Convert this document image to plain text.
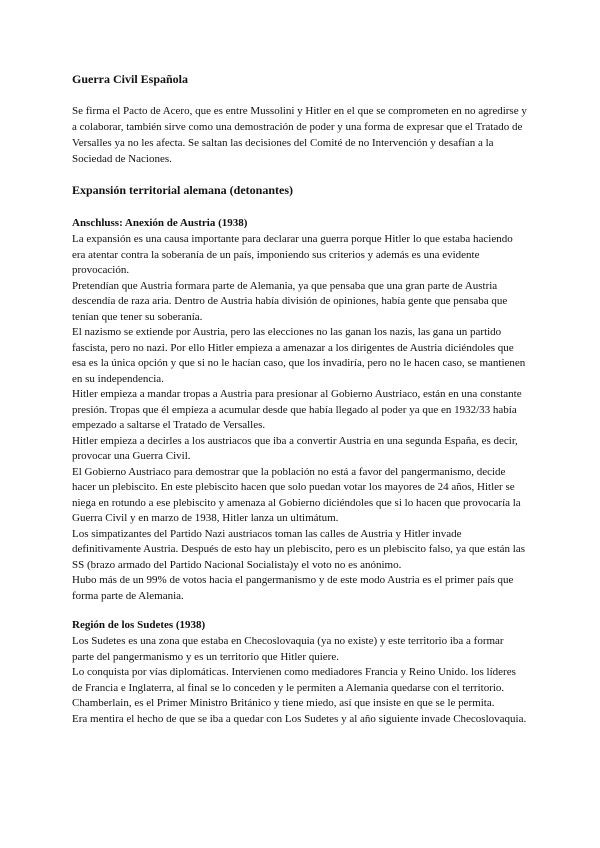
Guerra Civil Española

Se firma el Pacto de Acero, que es entre Mussolini y Hitler en el que se comprometen en no agredirse y a colaborar, también sirve como una demostración de poder y una forma de expresar que el Tratado de Versalles ya no les afecta. Se saltan las decisiones del Comité de no Intervención y desafían a la Sociedad de Naciones.

Expansión territorial alemana (detonantes)
Anschluss: Anexión de Austria (1938)

La expansión es una causa importante para declarar una guerra porque Hitler lo que estaba haciendo era atentar contra la soberanía de un país, imponiendo sus criterios y además es una evidente provocación.

Pretendían que Austria formara parte de Alemania, ya que pensaba que una gran parte de Austria descendía de raza aria. Dentro de Austria había división de opiniones, había gente que pensaba que tenían que tener su soberanía.

El nazismo se extiende por Austria, pero las elecciones no las ganan los nazis, las gana un partido fascista, pero no nazi. Por ello Hitler empieza a amenazar a los dirigentes de Austria diciéndoles que esa es la única opción y que si no le hacían caso, que los invadiría, pero no le hacen caso, se mantienen en su independencia.

Hitler empieza a mandar tropas a Austria para presionar al Gobierno Austriaco, están en una constante presión. Tropas que él empieza a acumular desde que había llegado al poder ya que en 1932/33 había empezado a saltarse el Tratado de Versalles.

Hitler empieza a decirles a los austriacos que iba a convertir Austria en una segunda España, es decir, provocar una Guerra Civil.

El Gobierno Austriaco para demostrar que la población no está a favor del pangermanismo, decide hacer un plebiscito. En este plebiscito hacen que solo puedan votar los mayores de 24 años, Hitler se niega en rotundo a ese plebiscito y amenaza al Gobierno diciéndoles que si lo hacen que provocaría la Guerra Civil y en marzo de 1938, Hitler lanza un ultimátum.

Los simpatizantes del Partido Nazi austriacos toman las calles de Austria y Hitler invade definitivamente Austria. Después de esto hay un plebiscito, pero es un plebiscito falso, ya que están las SS (brazo armado del Partido Nacional Socialista)y el voto no es anónimo.

Hubo más de un 99% de votos hacia el pangermanismo y de este modo Austria es el primer país que forma parte de Alemania.

Región de los Sudetes (1938)

Los Sudetes es una zona que estaba en Checoslovaquia (ya no existe) y este territorio iba a formar parte del pangermanismo y es un territorio que Hitler quiere.

Lo conquista por vías diplomáticas. Intervienen como mediadores Francia y Reino Unido. los líderes de Francia e Inglaterra, al final se lo conceden y le permiten a Alemania quedarse con el territorio. Chamberlain, es el Primer Ministro Británico y tiene miedo, así que insiste en que se le permita.

Era mentira el hecho de que se iba a quedar con Los Sudetes y al año siguiente invade Checoslovaquia.
